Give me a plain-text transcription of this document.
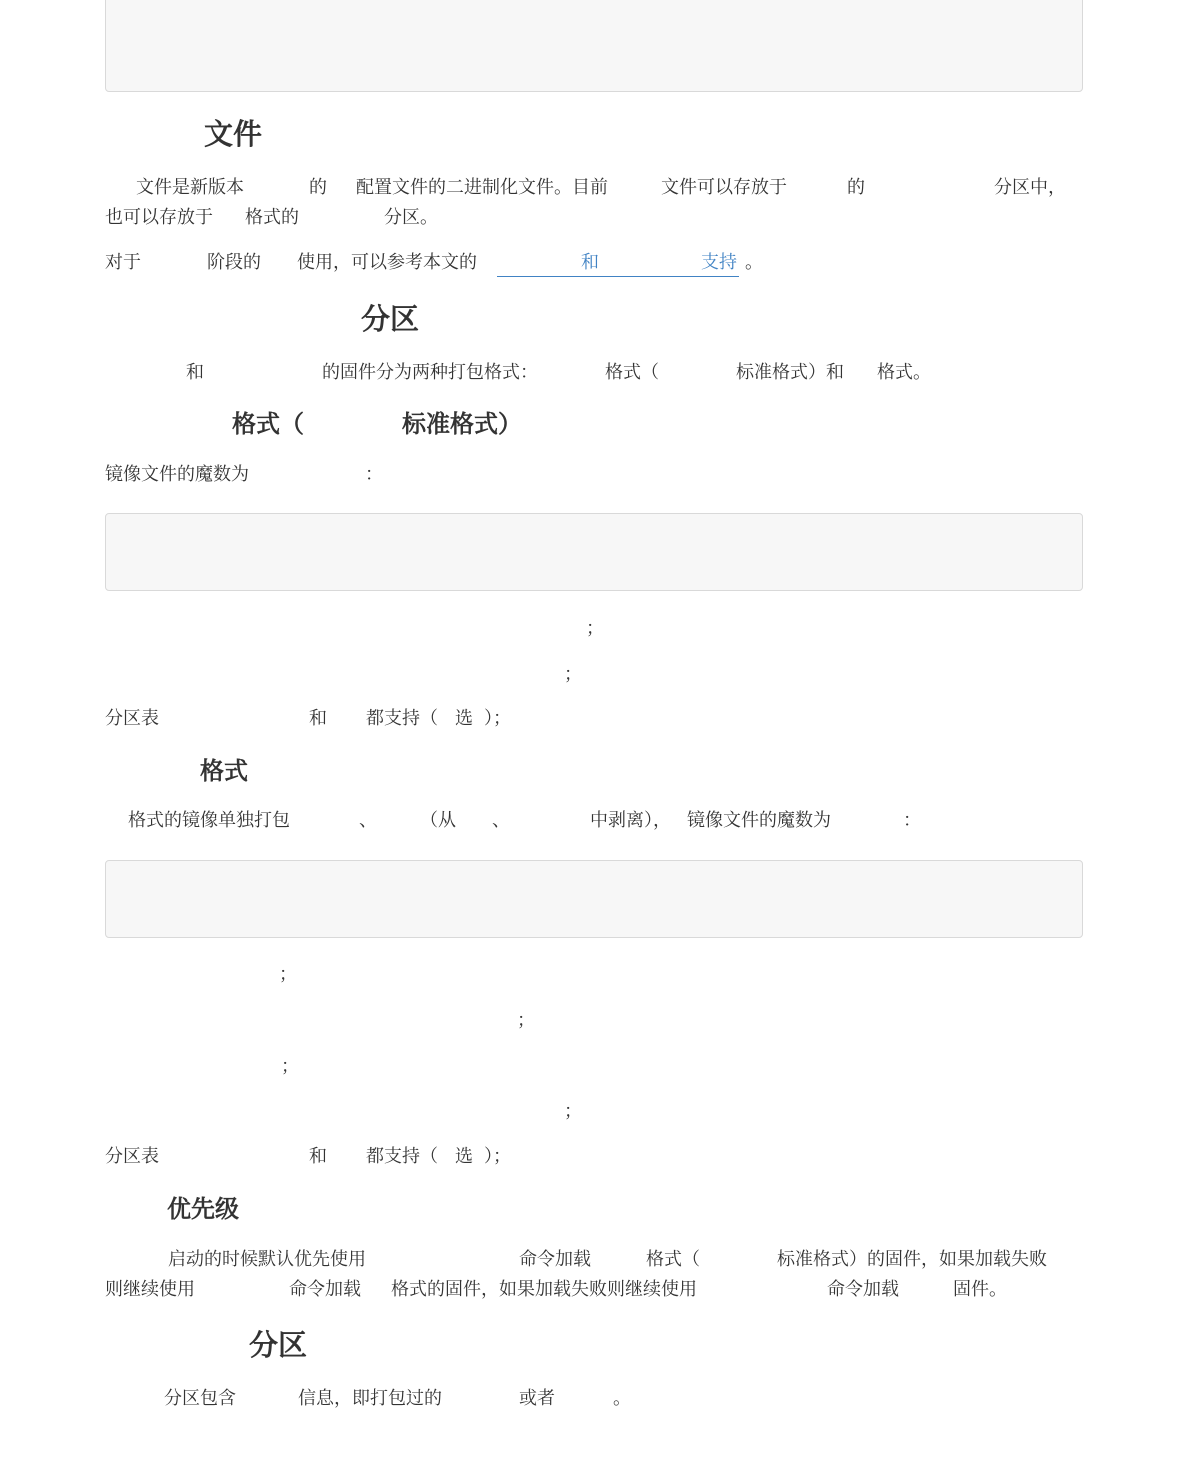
文件
文件是新版本	的 配置文件的二进制化文件。目前	文件可以存放于	的	分区中，
也可以存放于 格式的	分区。
对于	阶段的 使用，可以参考本文的	和	支持 。
分区
和	的固件分为两种打包格式：	格式（	标准格式）和 格式。
格式（	标准格式）
镜像文件的魔数为	：
；
；
分区表	和 都支持（ 选 ）；
格式
格式的镜像单独打包	、 （从 、	中剥离）， 镜像文件的魔数为	：
；
；
；
；
分区表	和 都支持（ 选 ）；
优先级
启动的时候默认优先使用	命令加载	格式（	标准格式）的固件，如果加载失败
则继续使用	命令加载 格式的固件，如果加载失败则继续使用	命令加载	固件。
分区
分区包含	信息，即打包过的	或者	。
